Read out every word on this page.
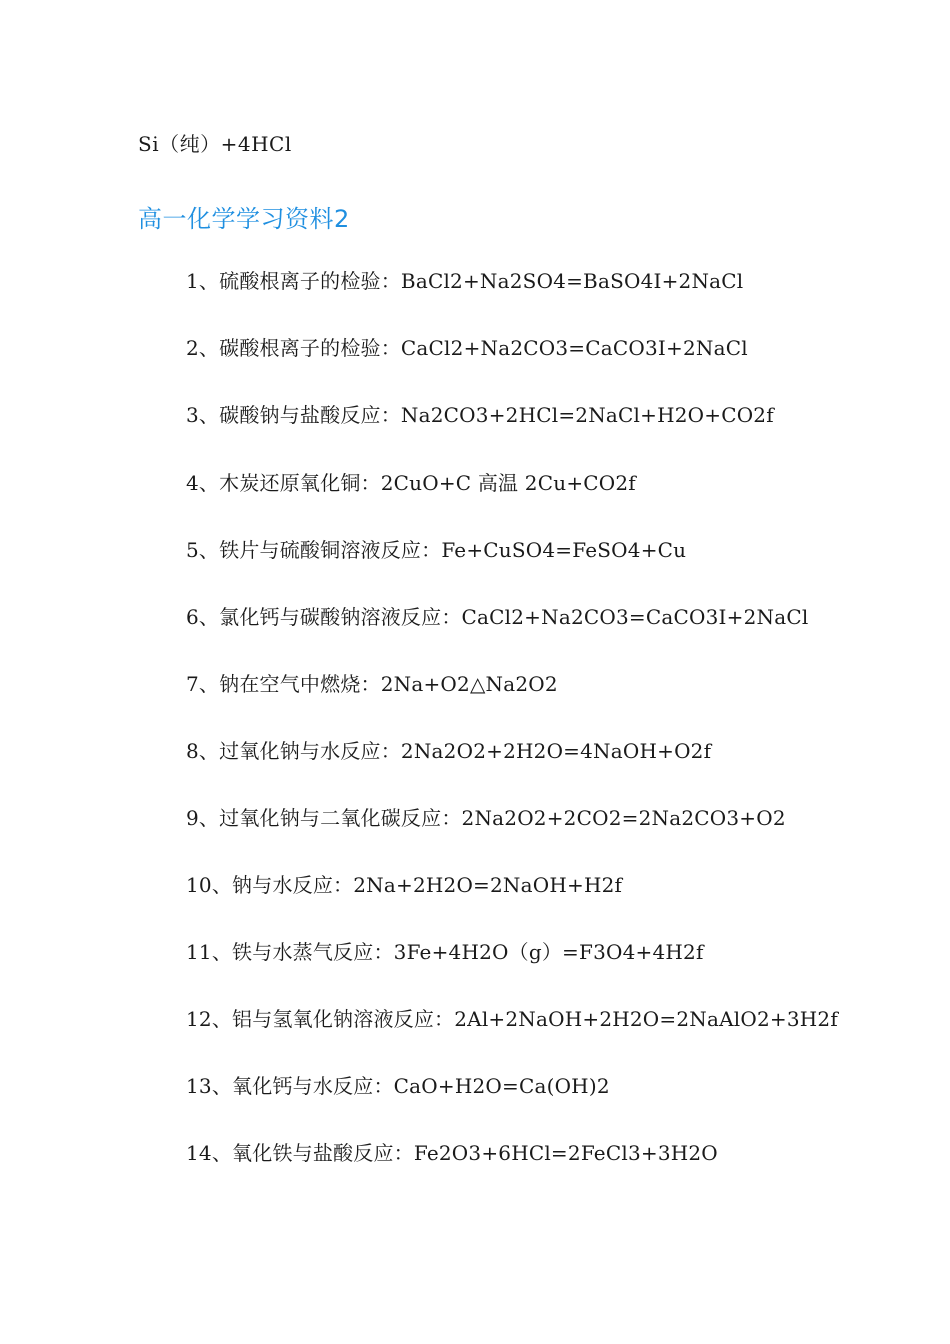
Si（纯）+4HCl
高一化学学习资料2
1、硫酸根离子的检验：BaCl2+Na2SO4=BaSO4I+2NaCl
2、碳酸根离子的检验：CaCl2+Na2CO3=CaCO3I+2NaCl
3、碳酸钠与盐酸反应：Na2CO3+2HCl=2NaCl+H2O+CO2f
4、木炭还原氧化铜：2CuO+C 高温 2Cu+CO2f
5、铁片与硫酸铜溶液反应：Fe+CuSO4=FeSO4+Cu
6、氯化钙与碳酸钠溶液反应：CaCl2+Na2CO3=CaCO3I+2NaCl
7、钠在空气中燃烧：2Na+O2△Na2O2
8、过氧化钠与水反应：2Na2O2+2H2O=4NaOH+O2f
9、过氧化钠与二氧化碳反应：2Na2O2+2CO2=2Na2CO3+O2
10、钠与水反应：2Na+2H2O=2NaOH+H2f
11、铁与水蒸气反应：3Fe+4H2O（g）=F3O4+4H2f
12、铝与氢氧化钠溶液反应：2Al+2NaOH+2H2O=2NaAlO2+3H2f
13、氧化钙与水反应：CaO+H2O=Ca(OH)2
14、氧化铁与盐酸反应：Fe2O3+6HCl=2FeCl3+3H2O
